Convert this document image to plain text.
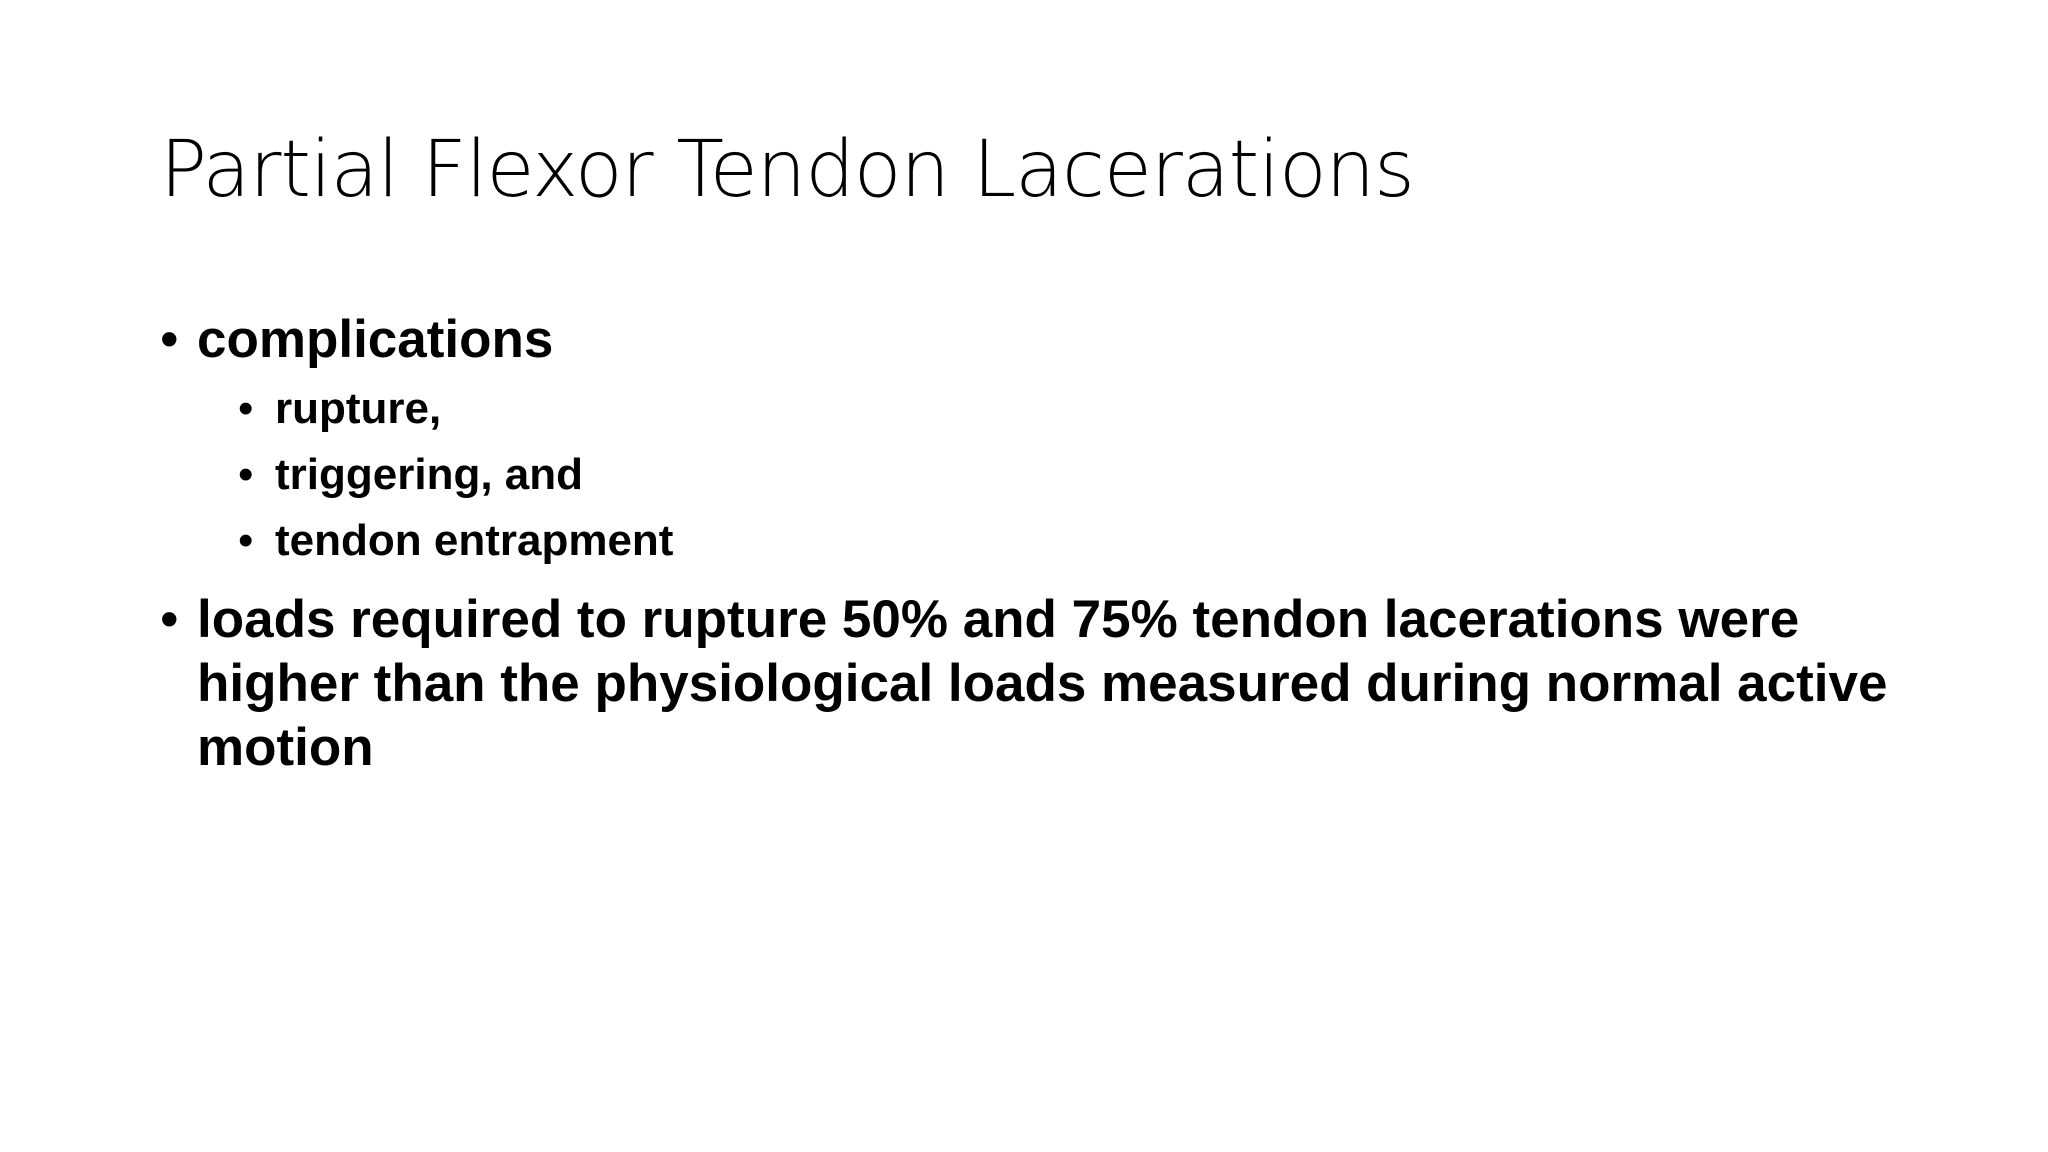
Partial Flexor Tendon Lacerations
• complications
• rupture,
• triggering, and
• tendon entrapment
• loads required to rupture 50% and 75% tendon lacerations were higher than the physiological loads measured during normal active motion
